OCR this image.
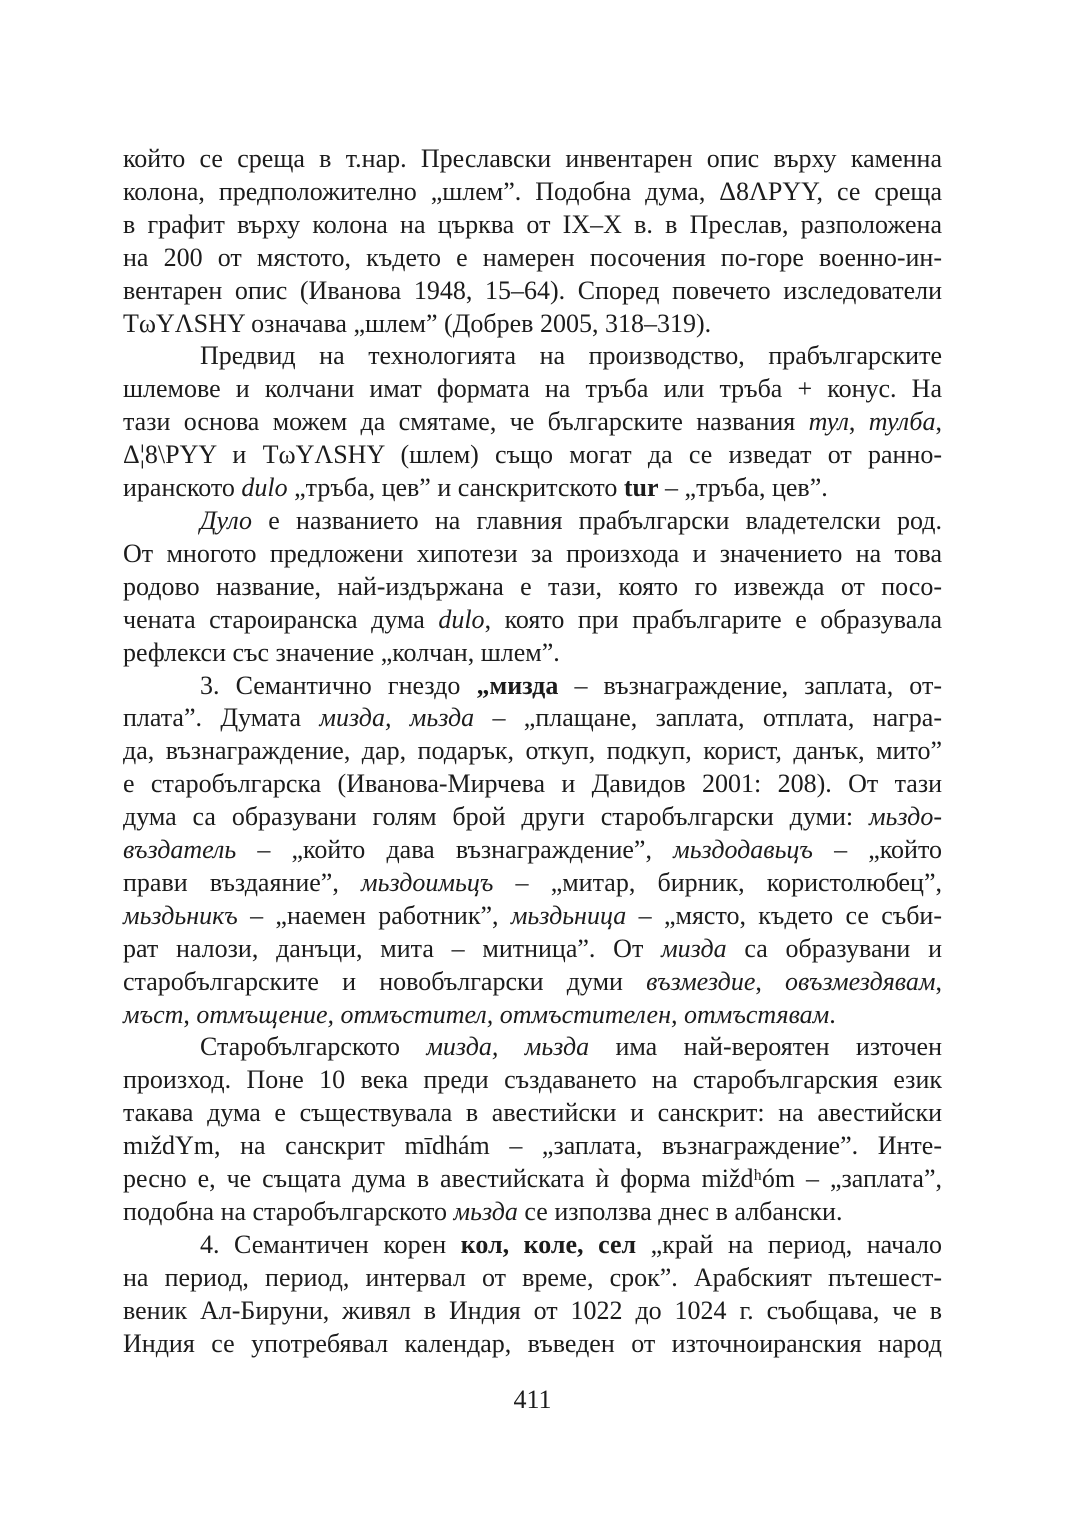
който се среща в т.нар. Преславски инвентарен опис върху каменна
колона, предположително „шлем”. Подобна дума, Δ8ΛPYY, се среща
в графит върху колона на църква от IX–X в. в Преслав, разположена
на 200 от мястото, където е намерен посочения по-горе военно-ин-
вентарен опис (Иванова 1948, 15–64). Според повечето изследователи
TωYΛSHY означава „шлем” (Добрев 2005, 318–319).
Предвид на технологията на производство, прабългарските
шлемове и колчани имат формата на тръба или тръба + конус. На
тази основа можем да смятаме, че българските названия тул, тулба,
Δ¦8\PYY и TωYΛSHY (шлем) също могат да се изведат от ранно-
иранското dulo „тръба, цев” и санскритското tur – „тръба, цев”.
Дуло е названието на главния прабългарски владетелски род.
От многото предложени хипотези за произхода и значението на това
родово название, най-издържана е тази, която го извежда от посо-
чената староиранска дума dulo, която при прабългарите е образувала
рефлекси със значение „колчан, шлем”.
3. Семантично гнездо „мизда – възнаграждение, заплата, от-
плата”. Думата мизда, мьзда – „плащане, заплата, отплата, награ-
да, възнаграждение, дар, подарък, откуп, подкуп, корист, данък, мито”
е старобългарска (Иванова-Мирчева и Давидов 2001: 208). От тази
дума са образувани голям брой други старобългарски думи: мьздо-
въздатель – „който дава възнаграждение”, мьздодавьцъ – „който
прави въздаяние”, мьздоимьцъ – „митар, бирник, користолюбец”,
мьздьникъ – „наемен работник”, мьздьница – „място, където се съби-
рат налози, данъци, мита – митница”. От мизда са образувани и
старобългарските и новобългарски думи възмездие, овъзмездявам,
мъст, отмъщение, отмъстител, отмъстителен, отмъстявам.
Старобългарското мизда, мьзда има най-вероятен източен
произход. Поне 10 века преди създаването на старобългарския език
такава дума е съществувала в авестийски и санскрит: на авестийски
mıždYm, на санскрит mīdhám – „заплата, възнаграждение”. Инте-
ресно е, че същата дума в авестийската ѝ форма miždʰóm – „заплата”,
подобна на старобългарското мьзда се използва днес в албански.
4. Семантичен корен кол, коле, сел „край на период, начало
на период, период, интервал от време, срок”. Арабският пътешест-
веник Ал-Бируни, живял в Индия от 1022 до 1024 г. съобщава, че в
Индия се употребявал календар, въведен от източноиранския народ
411
